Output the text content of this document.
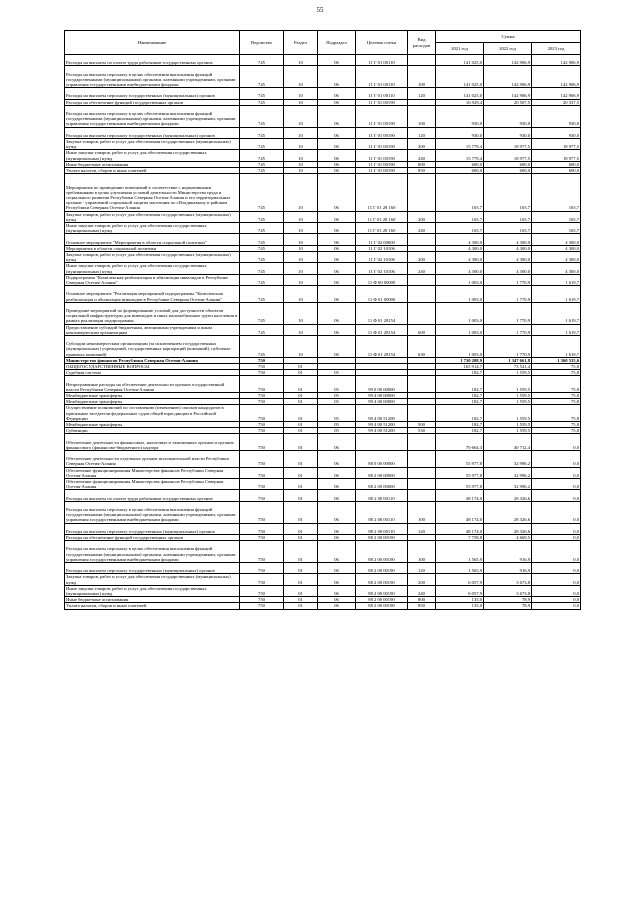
55
Наименование	Ведомство	Раздел	Подраздел	Целевая статья	Вид расходов	Сумма		
						2021 год	2022 год	2023 год
Расходы на выплаты по оплате труда работников государственных органов	745	10	06	11 Г 01 00110		141 025,0	142 906,9	142 906,9
Расходы на выплаты персоналу в целях обеспечения выполнения функций государственными (муниципальными) органами, казенными учреждениями, органами управления государственными внебюджетными фондами	745	10	06	11 Г 01 00110	100	141 025,0	142 906,9	142 906,9
Расходы на выплаты персоналу государственных (муниципальных) органов	745	10	06	11 Г 01 00110	120	141 025,0	142 906,9	142 906,9
Расходы на обеспечение функций государственных органов	745	10	06	11 Г 01 00190		16 929,4	20 507,5	20 337,5
Расходы на выплаты персоналу в целях обеспечения выполнения функций государственными (муниципальными) органами, казенными учреждениями, органами управления государственными внебюджетными фондами	745	10	06	11 Г 01 00190	100	930,0	930,0	930,0
Расходы на выплаты персоналу государственных (муниципальных) органов	745	10	06	11 Г 01 00190	120	930,0	930,0	930,0
Закупка товаров, работ и услуг для обеспечения государственных (муниципальных) нужд	745	10	06	11 Г 01 00190	200	15 779,4	18 977,5	18 977,5
Иные закупки товаров, работ и услуг для обеспечения государственных (муниципальных) нужд	745	10	06	11 Г 01 00190	240	15 779,4	18 977,5	18 977,5
Иные бюджетные ассигнования	745	10	06	11 Г 01 00190	800	600,0	600,0	600,0
Уплата налогов, сборов и иных платежей	745	10	06	11 Г 01 00190	850	600,0	600,0	600,0
Мероприятия по приведению помещений в соответствие с нормативными требованиями в целях улучшения условий деятельности Министерства труда и социального развития Республики Северная Осетия-Алания и его территориальных органов - управлений социальной защиты населения по г.Владикавказу и районам Республики Северная Осетия-Алания	745	10	06	11 Г 01 28 160		165,7	165,7	165,7
Закупка товаров, работ и услуг для обеспечения государственных (муниципальных) нужд	745	10	06	11 Г 01 28 160	200	165,7	165,7	165,7
Иные закупки товаров, работ и услуг для обеспечения государственных (муниципальных) нужд	745	10	06	11 Г 01 28 160	240	165,7	165,7	165,7
Основное мероприятие "Мероприятия в области социальной политики"	745	10	06	11 Г 02 00000		4 300,0	4 300,0	4 300,0
Мероприятия в области социальной политики	745	10	06	11 Г 02 10106		4 300,0	4 300,0	4 300,0
Закупка товаров, работ и услуг для обеспечения государственных (муниципальных) нужд	745	10	06	11 Г 02 10106	200	4 300,0	4 300,0	4 300,0
Иные закупки товаров, работ и услуг для обеспечения государственных (муниципальных) нужд	745	10	06	11 Г 02 10106	240	4 300,0	4 300,0	4 300,0
Подпрограмма "Комплексная реабилитация и абилитация инвалидов в Республике Северная Осетия-Алания"	745	10	06	11 Ф 00 00000		1 003,0	1 770,9	1 619,7
Основное мероприятие "Реализация мероприятий подпрограммы "Комплексная реабилитация и абилитация инвалидов в Республике Северная Осетия-Алания"	745	10	06	11 Ф 01 00000		1 003,0	1 770,9	1 619,7
Проведение мероприятий по формированию условий для доступности объектов социальной инфраструктуры для инвалидов и иных маломобильных групп населения в рамках реализации подпрограммы	745	10	06	11 Ф 01 28154		1 003,0	1 770,9	1 619,7
Предоставление субсидий бюджетным, автономным учреждениям и иным некоммерческим организациям	745	10	06	11 Ф 01 28154	600	1 003,0	1 770,9	1 619,7
Субсидии некоммерческим организациям (за исключением государственных (муниципальных) учреждений, государственных корпораций (компаний), публично-правовых компаний)	745	10	06	11 Ф 01 28154	630	1 003,0	1 770,9	1 619,7
Министерство финансов Республики Северная Осетия-Алания	750					1 730 208,9	1 347 661,8	1 360 535,6
ОБЩЕГОСУДАРСТВЕННЫЕ ВОПРОСЫ	750	01				165 914,7	73 541,4	75,8
Судебная система	750	01	05			182,7	1 559,5	75,8
Непрограммные расходы на обеспечение деятельности органов государственной власти Республики Северная Осетия-Алания	750	01	05	99 0 00 00000		182,7	1 559,5	75,8
Межбюджетные трансферты	750	01	05	99 4 00 00000		182,7	1 559,5	75,8
Межбюджетные трансферты	750	01	05	99 4 00 00000		182,7	1 559,5	75,8
Осуществление полномочий по составлению (изменению) списков кандидатов в присяжные заседатели федеральных судов общей юрисдикции в Российской Федерации	750	01	05	99 4 00 51200		182,7	1 559,5	75,8
Межбюджетные трансферты	750	01	05	99 4 00 51200	500	182,7	1 559,5	75,8
Субвенции	750	01	05	99 4 00 51200	530	182,7	1 559,5	75,8
Обеспечение деятельности финансовых, налоговых и таможенных органов и органов финансового (финансово-бюджетного) надзора	750	01	06			70 664,3	40 712,4	0,0
Обеспечение деятельности отдельных органов исполнительной власти Республики Северная Осетия-Алания	750	01	06	88 0 00 00000		55 977,8	32 996,2	0,0
Обеспечение функционирования Министерства финансов Республики Северная Осетия-Алания	750	01	06	88 2 00 00000		55 977,8	32 996,2	0,0
Обеспечение функционирования Министерства финансов Республики Северная Осетия-Алания	750	01	06	88 2 00 00000		55 977,8	32 996,2	0,0
Расходы на выплаты по оплате труда работников государственных органов	750	01	06	88 2 00 00110		48 174,0	28 326,6	0,0
Расходы на выплаты персоналу в целях обеспечения выполнения функций государственными (муниципальными) органами, казенными учреждениями, органами управления государственными внебюджетными фондами	750	01	06	88 2 00 00110	100	48 174,0	28 326,6	0,0
Расходы на выплаты персоналу государственных (муниципальных) органов	750	01	06	88 2 00 00110	120	48 174,0	28 326,6	0,0
Расходы на обеспечение функций государственных органов	750	01	06	88 2 00 00190		7 758,8	4 669,5	0,0
Расходы на выплаты персоналу в целях обеспечения выполнения функций государственными (муниципальными) органами, казенными учреждениями, органами управления государственными внебюджетными фондами	750	01	06	88 2 00 00190	100	1 565,9	916,9	0,0
Расходы на выплаты персоналу государственных (муниципальных) органов	750	01	06	88 2 00 00190	120	1 565,9	916,9	0,0
Закупка товаров, работ и услуг для обеспечения государственных (муниципальных) нужд	750	01	06	88 2 00 00190	200	6 057,9	3 673,8	0,0
Иные закупки товаров, работ и услуг для обеспечения государственных (муниципальных) нужд	750	01	06	88 2 00 00190	240	6 057,9	3 673,8	0,0
Иные бюджетные ассигнования	750	01	06	88 2 00 00190	800	135,0	78,9	0,0
Уплата налогов, сборов и иных платежей	750	01	06	88 2 00 00190	850	135,0	78,9	0,0
